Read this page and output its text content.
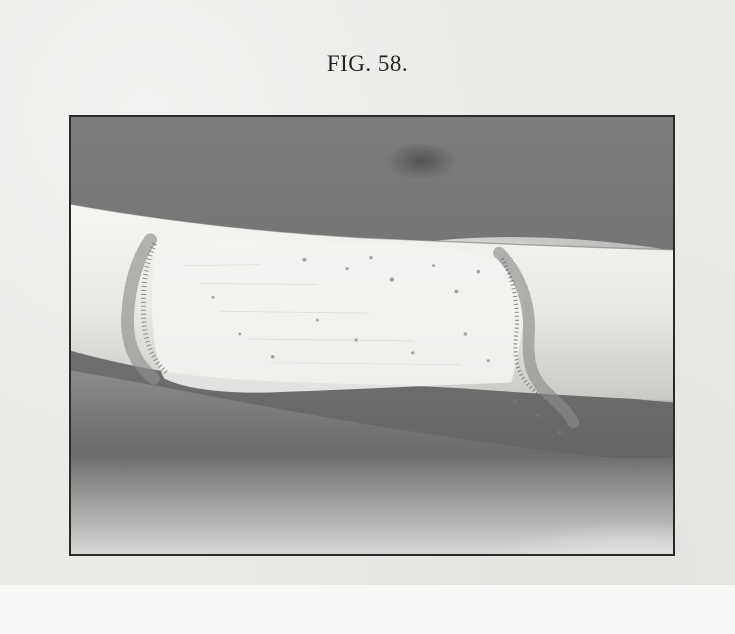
FIG. 58.
